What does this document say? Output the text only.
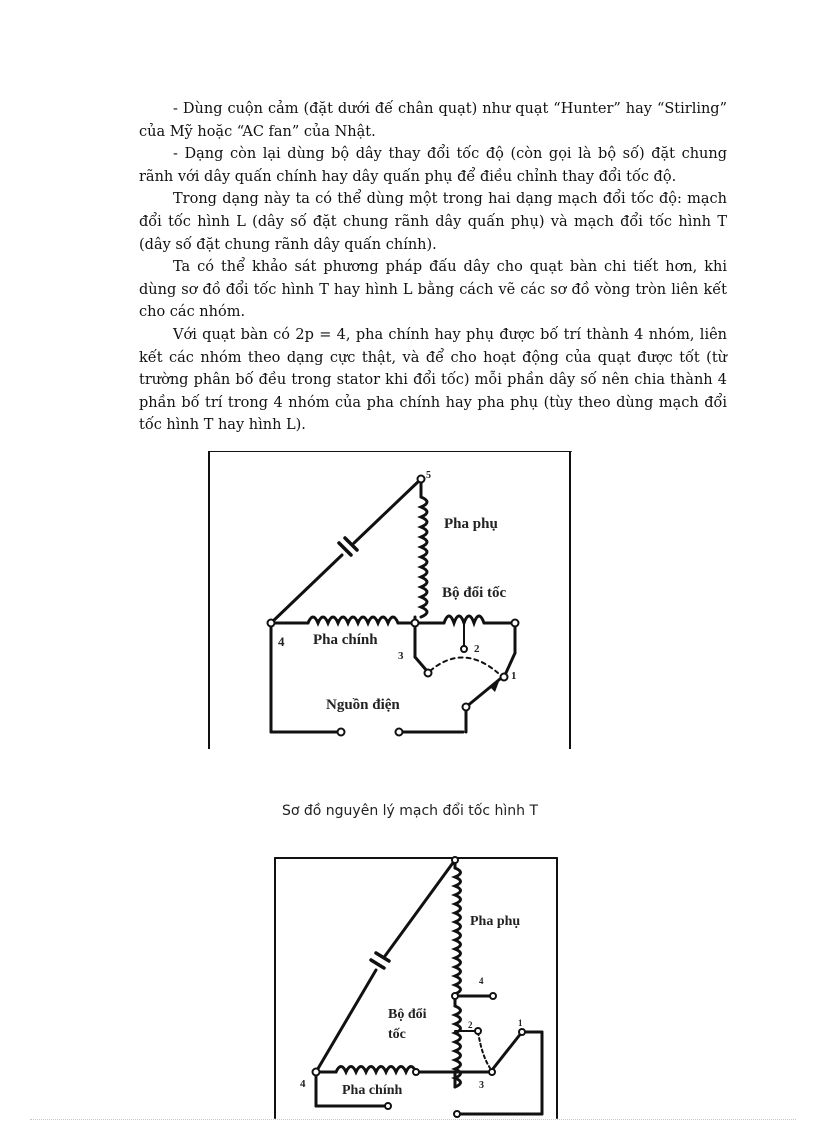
- Dùng cuộn cảm (đặt dưới đế chân quạt) như quạt “Hunter” hay “Stirling” của Mỹ hoặc “AC fan” của Nhật.

- Dạng còn lại dùng bộ dây thay đổi tốc độ (còn gọi là bộ số) đặt chung rãnh với dây quấn chính hay dây quấn phụ để điều chỉnh thay đổi tốc độ.

Trong dạng này ta có thể dùng một trong hai dạng mạch đổi tốc độ: mạch đổi tốc hình L (dây số đặt chung rãnh dây quấn phụ) và mạch đổi tốc hình T (dây số đặt chung rãnh dây quấn chính).

Ta có thể khảo sát phương pháp đấu dây cho quạt bàn chi tiết hơn, khi dùng sơ đồ đổi tốc hình T hay hình L bằng cách vẽ các sơ đồ vòng tròn liên kết cho các nhóm.

Với quạt bàn có 2p = 4, pha chính hay phụ được bố trí thành 4 nhóm, liên kết các nhóm theo dạng cực thật, và để cho hoạt động của quạt được tốt (từ trường phân bố đều trong stator khi đổi tốc) mỗi phần dây số nên chia thành 4 phần bố trí trong 4 nhóm của pha chính hay pha phụ (tùy theo dùng mạch đổi tốc hình T hay hình L).

Pha phụ
Bộ đổi tốc
Pha chính
Nguồn điện
4
5
3
2
1
Sơ đồ nguyên lý mạch đổi tốc hình T
Pha phụ
Bộ đổi
tốc
Pha chính
4
4
2
3
1
